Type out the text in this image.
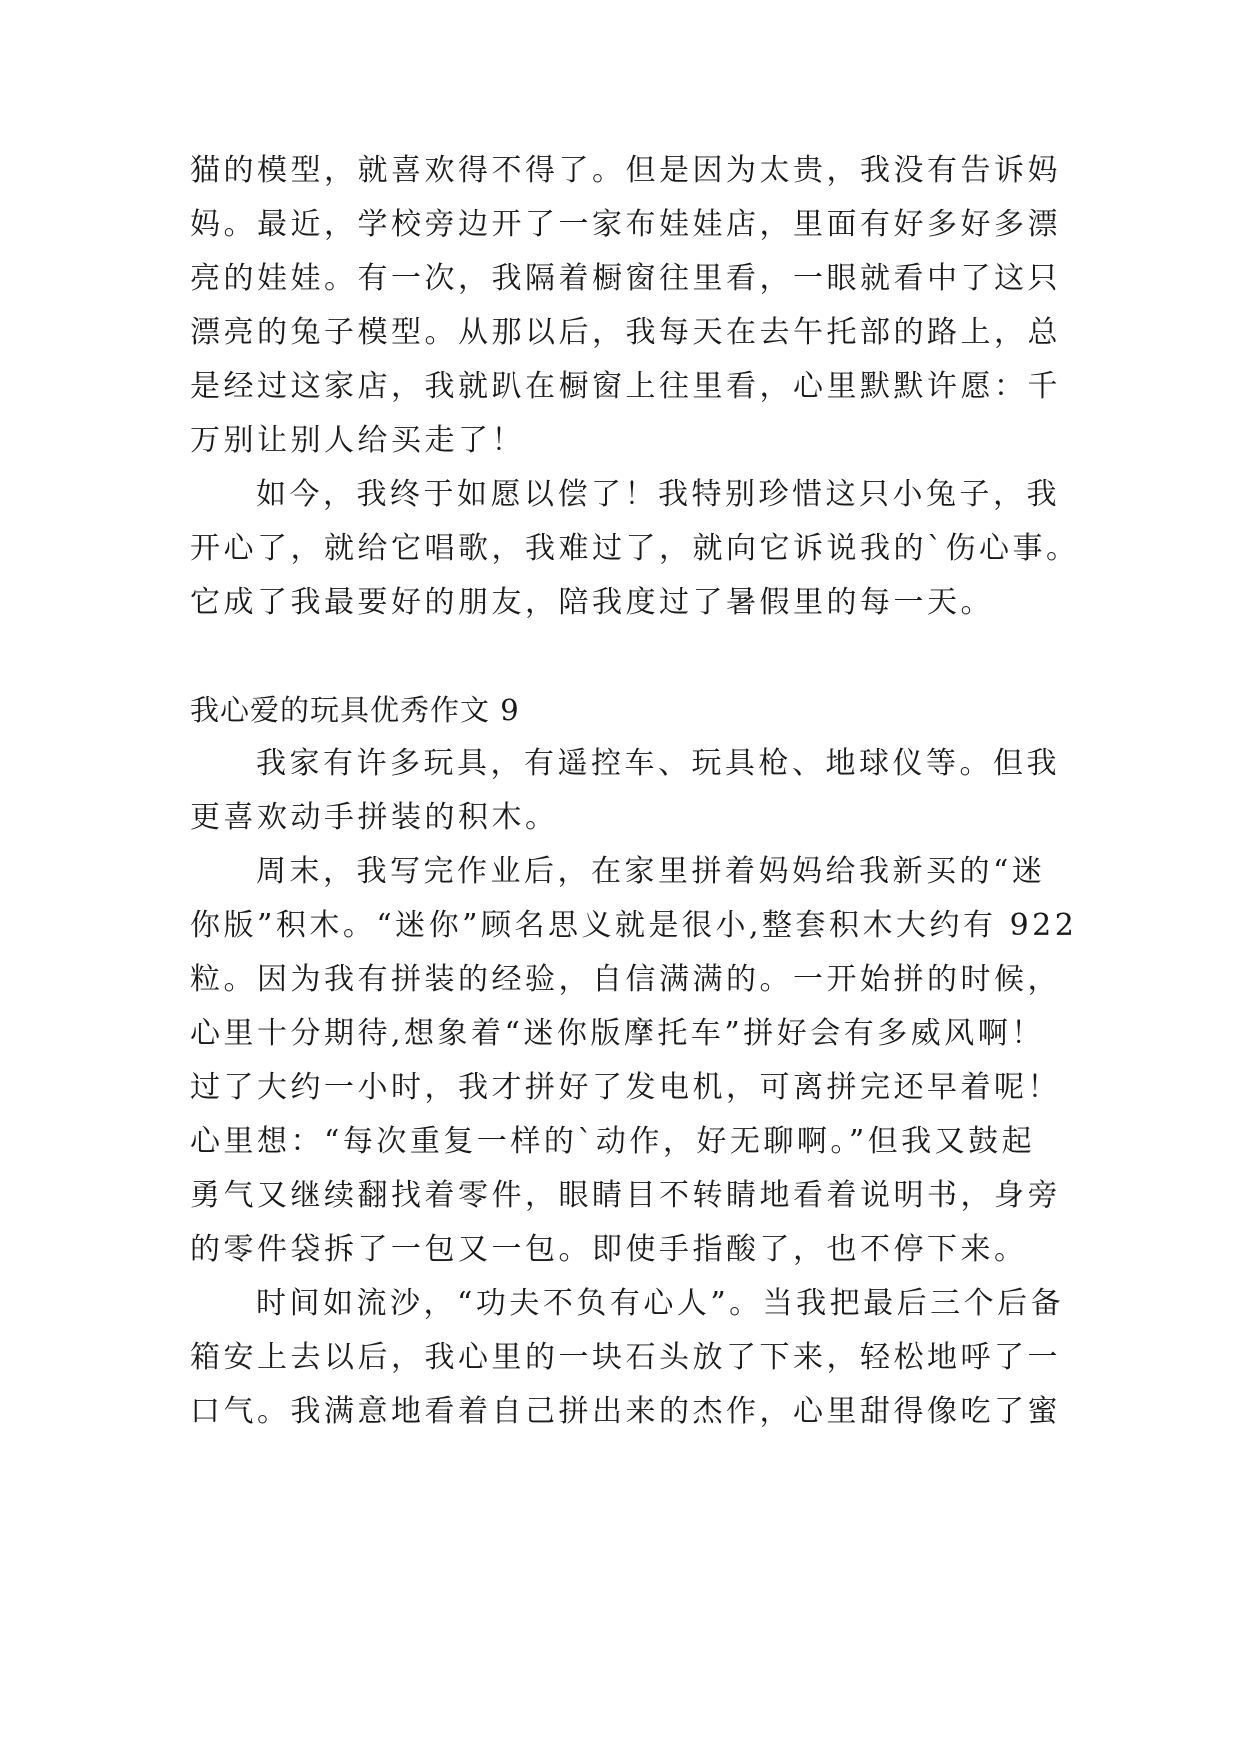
猫的模型，就喜欢得不得了。但是因为太贵，我没有告诉妈
妈。最近，学校旁边开了一家布娃娃店，里面有好多好多漂
亮的娃娃。有一次，我隔着橱窗往里看，一眼就看中了这只
漂亮的兔子模型。从那以后，我每天在去午托部的路上，总
是经过这家店，我就趴在橱窗上往里看，心里默默许愿：千
万别让别人给买走了！
如今，我终于如愿以偿了！我特别珍惜这只小兔子，我
开心了，就给它唱歌，我难过了，就向它诉说我的`伤心事。
它成了我最要好的朋友，陪我度过了暑假里的每一天。
我心爱的玩具优秀作文 9
我家有许多玩具，有遥控车、玩具枪、地球仪等。但我
更喜欢动手拼装的积木。
周末，我写完作业后，在家里拼着妈妈给我新买的“迷
你版”积木。“迷你”顾名思义就是很小,整套积木大约有 922
粒。因为我有拼装的经验，自信满满的。一开始拼的时候，
心里十分期待,想象着“迷你版摩托车”拼好会有多威风啊！
过了大约一小时，我才拼好了发电机，可离拼完还早着呢！
心里想：“每次重复一样的`动作，好无聊啊。”但我又鼓起
勇气又继续翻找着零件，眼睛目不转睛地看着说明书，身旁
的零件袋拆了一包又一包。即使手指酸了，也不停下来。
时间如流沙，“功夫不负有心人”。当我把最后三个后备
箱安上去以后，我心里的一块石头放了下来，轻松地呼了一
口气。我满意地看着自己拼出来的杰作，心里甜得像吃了蜜
